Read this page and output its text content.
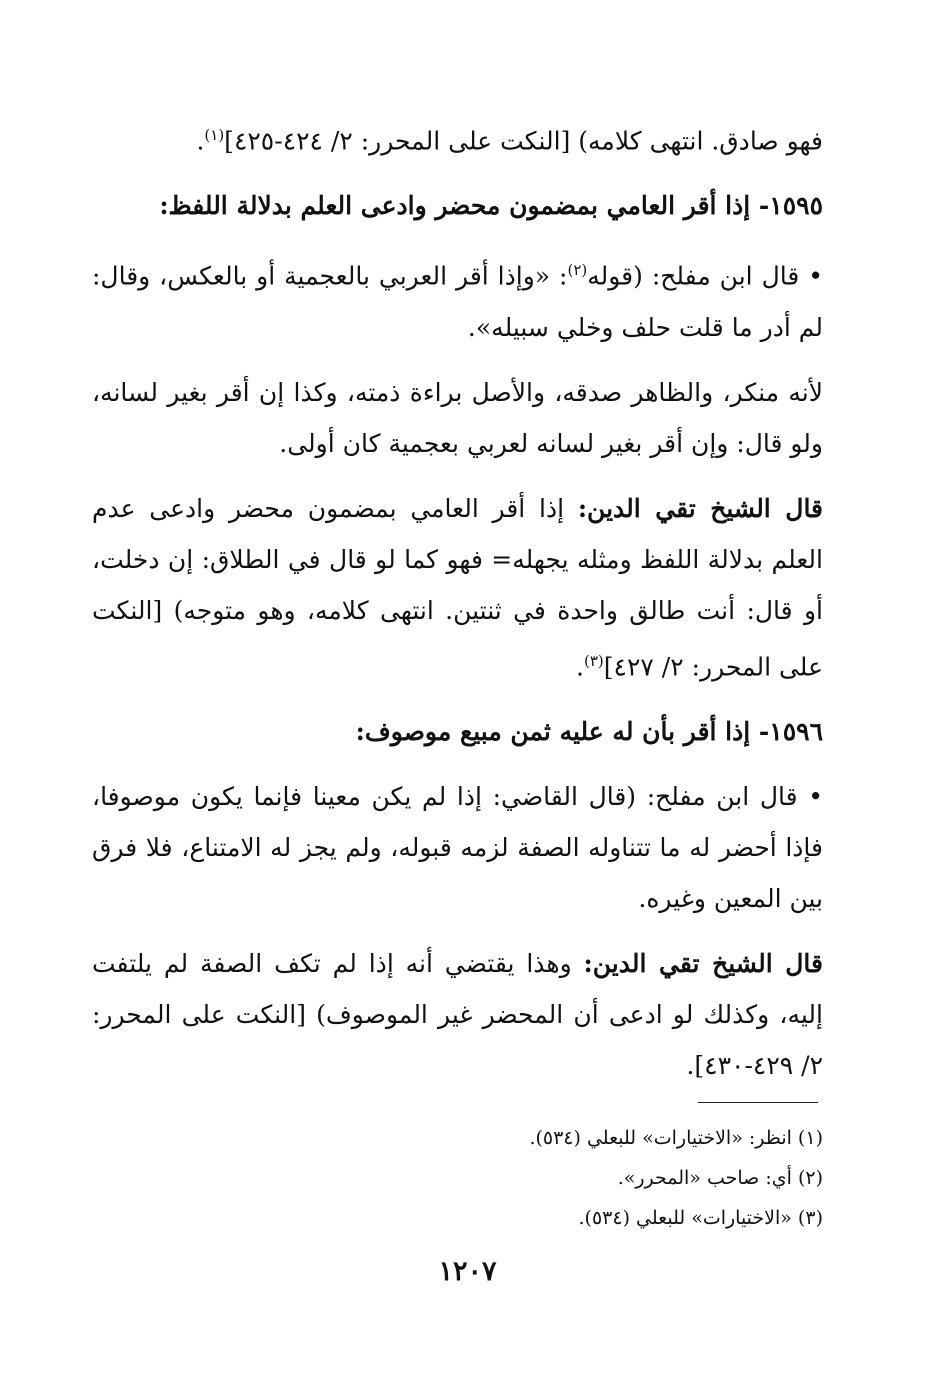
فهو صادق. انتهى كلامه) [النكت على المحرر: ٢/ ٤٢٤-٤٢٥]$^{(١)}$.

١٥٩٥- إذا أقر العامي بمضمون محضر وادعى العلم بدلالة اللفظ:

• قال ابن مفلح: (قوله$^{(٢)}$: «وإذا أقر العربي بالعجمية أو بالعكس، وقال: لم أدر ما قلت حلف وخلي سبيله».

لأنه منكر، والظاهر صدقه، والأصل براءة ذمته، وكذا إن أقر بغير لسانه، ولو قال: وإن أقر بغير لسانه لعربي بعجمية كان أولى.

قال الشيخ تقي الدين: إذا أقر العامي بمضمون محضر وادعى عدم العلم بدلالة اللفظ ومثله يجهله= فهو كما لو قال في الطلاق: إن دخلت، أو قال: أنت طالق واحدة في ثنتين. انتهى كلامه، وهو متوجه) [النكت على المحرر: ٢/ ٤٢٧]$^{(٣)}$.

١٥٩٦- إذا أقر بأن له عليه ثمن مبيع موصوف:

• قال ابن مفلح: (قال القاضي: إذا لم يكن معينا فإنما يكون موصوفا، فإذا أحضر له ما تتناوله الصفة لزمه قبوله، ولم يجز له الامتناع، فلا فرق بين المعين وغيره.

قال الشيخ تقي الدين: وهذا يقتضي أنه إذا لم تكف الصفة لم يلتفت إليه، وكذلك لو ادعى أن المحضر غير الموصوف) [النكت على المحرر: ٢/ ٤٢٩-٤٣٠].

(١) انظر: «الاختيارات» للبعلي (٥٣٤).
(٢) أي: صاحب «المحرر».
(٣) «الاختيارات» للبعلي (٥٣٤).
١٢٠٧
